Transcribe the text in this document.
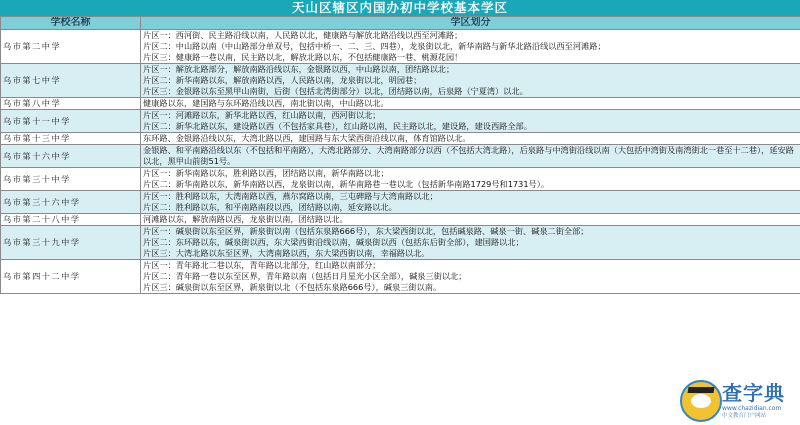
天山区辖区内国办初中学校基本学区
学校名称	学区划分
乌市第二中学	片区一：西河街、民主路沿线以南，人民路以北，健康路与解放北路沿线以西至河滩路；
片区二：中山路以南（中山路部分单双号，包括中桥一、二、三、四巷），龙泉街以北，新华南路与新华北路沿线以西至河滩路；
片区三：健康路一巷以南，民主路以北，解放北路以东，不包括健康路一巷、桃源花园！

乌市第七中学	片区一：解放北路部分，解放南路沿线以东，金银路以西，中山路以南，团结路以北；
片区二：新华南路以东，解放南路以西，人民路以南，龙泉街以北，明园巷；
片区三：金银路以东至黑甲山南街，后街（包括北湾街部分）以北，团结路以南，后泉路（宁夏湾）以北。

乌市第八中学	健康路以东，建国路与东环路沿线以西，南北街以南，中山路以北。

乌市第十一中学	片区一：河滩路以东，新华北路以西，红山路以南，西河街以北；
片区二：新华北路以东，建设路以西（不包括家具巷），红山路以南，民主路以北，建设路，建设西路全部。

乌市第十三中学	东环路、金银路沿线以东，大湾北路以西，建国路与东大梁西街沿线以南，体育馆路以北。

乌市第十六中学	金银路、和平南路沿线以东（不包括和平南路），大湾北路部分、大湾南路部分以西（不包括大湾北路），后泉路与中湾街沿线以南（大包括中湾街及南湾街北一巷至十二巷），延安路以北，黑甲山前街51号。

乌市第三十中学	片区一：新华南路以东，胜利路以西，团结路以南，新华南路以北；
片区二：新华南路以东，新华南路以西，龙泉街以南，新华南路巷一巷以北（包括新华南路1729号和1731号）。

乌市第三十六中学	片区一：胜利路以东，大湾南路以西，燕尔窝路以南，三屯碑路与大湾南路以北；
片区二：胜利路以东，和平南路南段以西，团结路以南，延安路以北。

乌市第二十八中学	河滩路以东，解放南路以西，龙泉街以南，团结路以北。

乌市第三十九中学	片区一：碱泉街以东至区界，新泉街以南（包括东泉路666号），东大梁西街以北，包括碱泉路、碱泉一街、碱泉二街全部；
片区二：东环路以东，碱泉街以西，东大梁西街沿线以南，碱泉街以西（包括东后街全部），建国路以北；
片区三：大湾北路以东至区界，大湾南路以西，东大梁西街以南，幸福路以北。

乌市第四十二中学	片区一：青年路北二巷以东，青年路以北部分，红山路以南部分；
片区二：青年路一巷以东至区界，青年路以南（包括日月星光小区全部），碱泉三街以北；
片区三：碱泉街以东至区界，新泉街以北（不包括东泉路666号），碱泉三街以南。
查字典
www.chazidian.com
中文教育门户网站
